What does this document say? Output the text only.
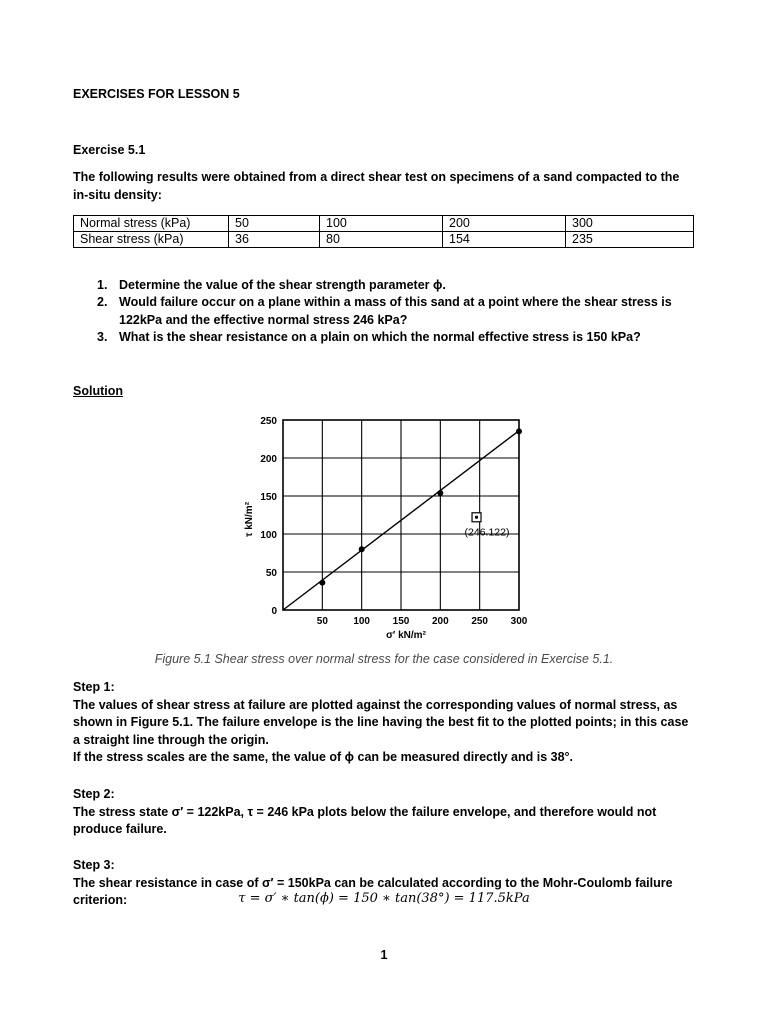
EXERCISES FOR LESSON 5
Exercise 5.1
The following results were obtained from a direct shear test on specimens of a sand compacted to the in-situ density:
Normal stress (kPa)	50	100	200	300
Shear stress (kPa)	36	80	154	235
1. Determine the value of the shear strength parameter ϕ.
2. Would failure occur on a plane within a mass of this sand at a point where the shear stress is 122kPa and the effective normal stress 246 kPa?
3. What is the shear resistance on a plain on which the normal effective stress is 150 kPa?
Solution
0
50
100
150
200
250
50	100 150 200 250 300
(246.122)
τ kN/m²
σ′ kN/m²
Figure 5.1 Shear stress over normal stress for the case considered in Exercise 5.1.
Step 1:
The values of shear stress at failure are plotted against the corresponding values of normal stress, as shown in Figure 5.1. The failure envelope is the line having the best fit to the plotted points; in this case a straight line through the origin.
If the stress scales are the same, the value of ϕ can be measured directly and is 38°.
Step 2:
The stress state σ′ = 122kPa, τ = 246 kPa plots below the failure envelope, and therefore would not produce failure.
Step 3:
The shear resistance in case of σ′ = 150kPa can be calculated according to the Mohr-Coulomb failure criterion:	τ = σ′ ∗ tan(ϕ) = 150 ∗ tan(38°) = 117.5kPa
1
